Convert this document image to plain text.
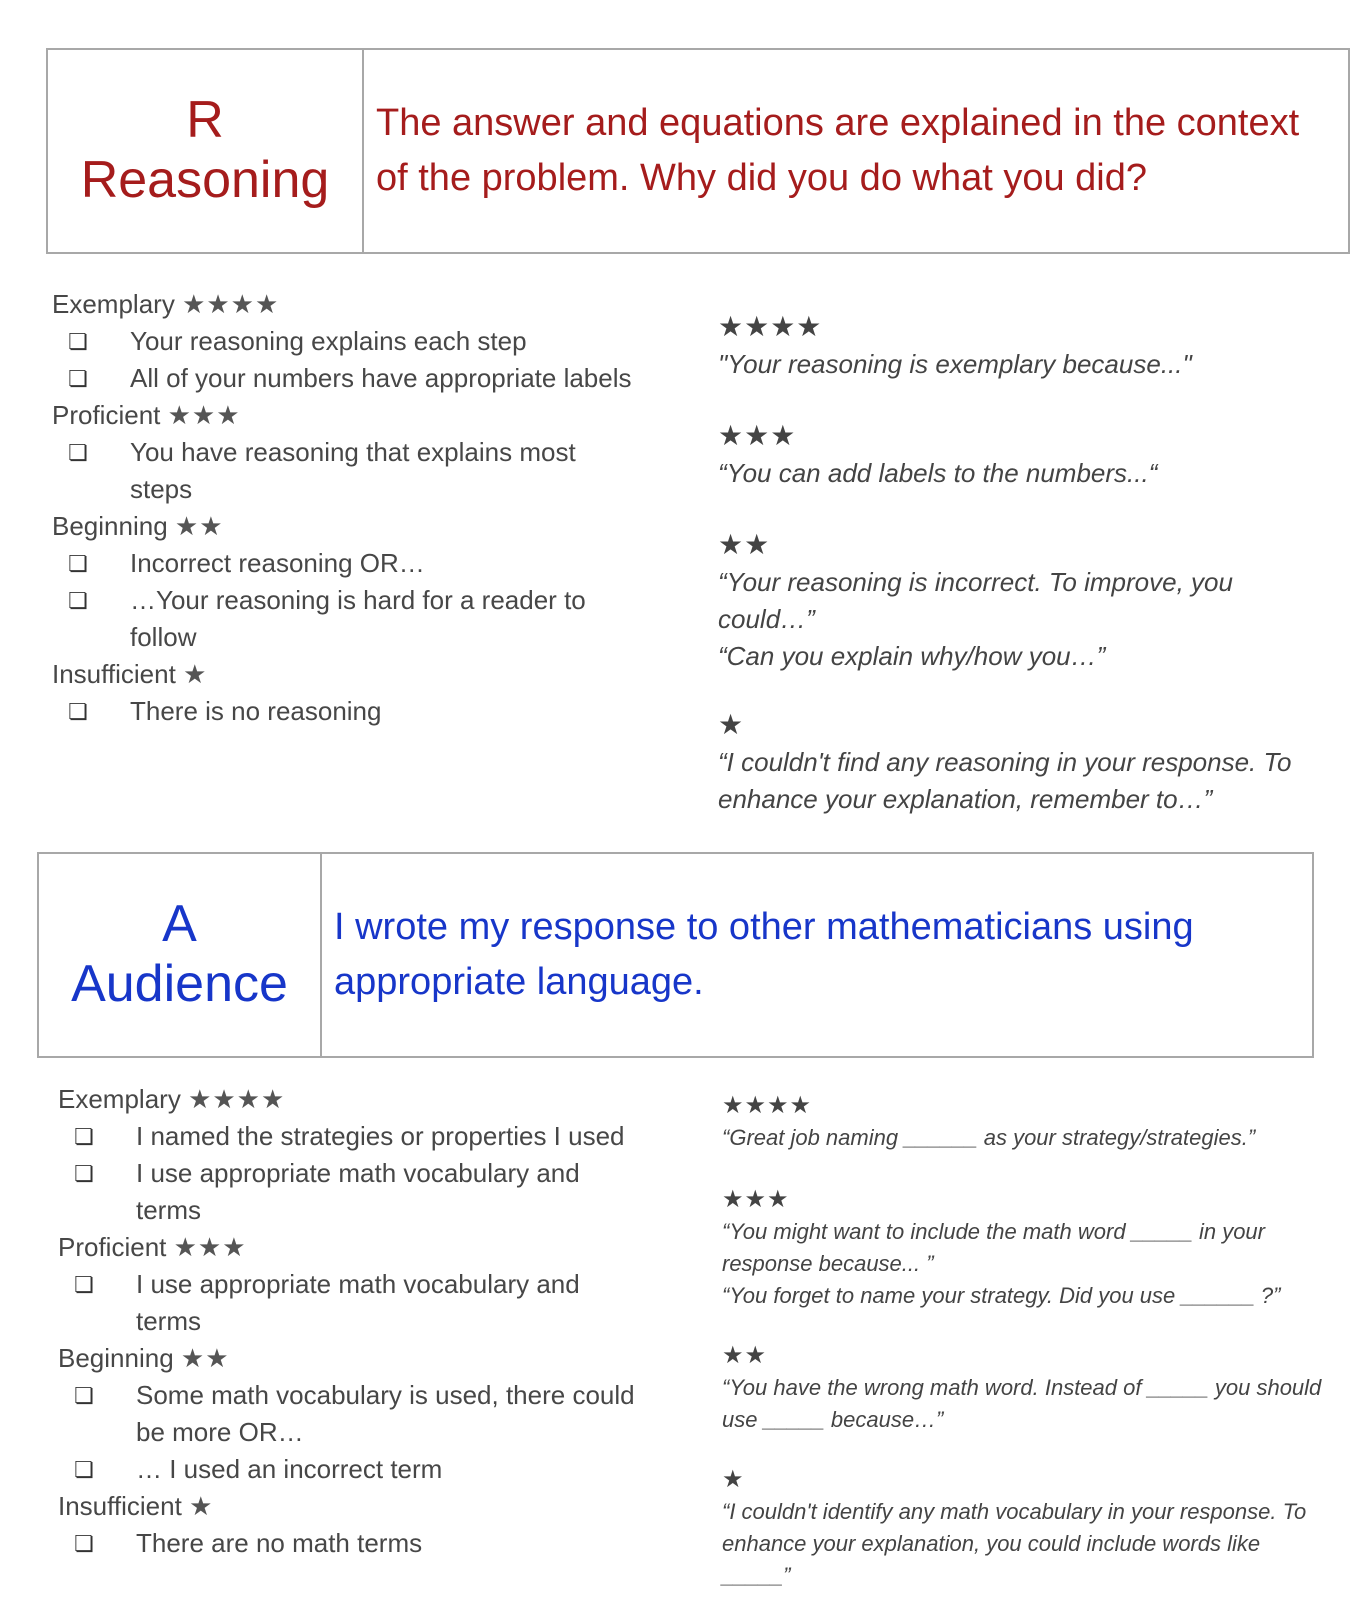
R
Reasoning
The answer and equations are explained in the context of the problem. Why did you do what you did?
Exemplary ★★★★
❏	Your reasoning explains each step
❏	All of your numbers have appropriate labels
Proficient ★★★
❏	You have reasoning that explains most steps
Beginning ★★
❏	Incorrect reasoning OR…
❏	…Your reasoning is hard for a reader to follow
Insufficient ★
❏	There is no reasoning
★★★★
"Your reasoning is exemplary because..."
★★★
“You can add labels to the numbers...“
★★
“Your reasoning is incorrect. To improve, you could…”
“Can you explain why/how you…”
★
“I couldn't find any reasoning in your response. To enhance your explanation, remember to…”
A
Audience
I wrote my response to other mathematicians using appropriate language.
Exemplary ★★★★
❏	I named the strategies or properties I used
❏	I use appropriate math vocabulary and terms
Proficient ★★★
❏	I use appropriate math vocabulary and terms
Beginning ★★
❏	Some math vocabulary is used, there could be more OR…
❏	… I used an incorrect term
Insufficient ★
❏	There are no math terms
★★★★
“Great job naming ______ as your strategy/strategies.”
★★★
“You might want to include the math word _____ in your response because... ”
“You forget to name your strategy. Did you use ______ ?”
★★
“You have the wrong math word. Instead of _____ you should use _____ because…”
★
“I couldn't identify any math vocabulary in your response. To enhance your explanation, you could include words like _____”
